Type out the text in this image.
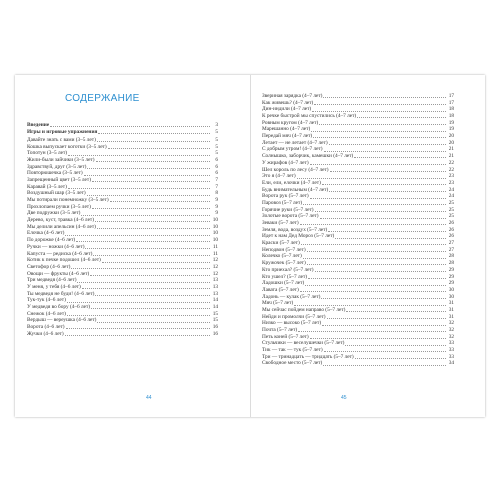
СОДЕРЖАНИЕ
Введение	3
Игры и игровые упражнения	5
Давайте знать с вами (3–5 лет)	5
Кошка выпускает коготки (3–5 лет)	5
Топотун (3–5 лет)	5
Жили-были зайчики (3–5 лет)	6
Здравствуй, друг (3–5 лет)	6
Повторюшечка (3–5 лет)	6
Запрещенный цвет (3–5 лет)	7
Каравай (3–5 лет)	7
Воздушный шар (3–5 лет)	8
Мы потирали понемножку (3–5 лет)	9
Прохлопаем ручки (3–5 лет)	9
Две подружки (3–5 лет)	9
Дерево, куст, травка (4–6 лет)	10
Мы делили апельсин (4–6 лет)	10
Елочка (4–6 лет)	10
По дорожке (4–6 лет)	10
Ручки — ножки (4–6 лет)	11
Капуста — редиска (4–6 лет)	11
Котик к печке подошел (4–6 лет)	12
Светофор (4–6 лет)	12
Овощи — фрукты (4–6 лет)	12
Три медведя (4–6 лет)	13
У меня, у тебя (4–6 лет)	13
Ты медведя не буди! (4–6 лет)	13
Тук-тук (4–6 лет)	14
У медведя во бору (4–6 лет)	14
Снежок (4–6 лет)	15
Вердыш — вереушка (4–6 лет)	15
Ворота (4–6 лет)	16
Жучки (4–6 лет)	16
44
Звериная зарядка (4–7 лет)	17
Как живешь? (4–7 лет)	17
Дин-индили (4–7 лет)	18
К речке быстрой мы спустились (4–7 лет)	18
Ровным кругом (4–7 лет)	19
Марешанно (4–7 лет)	19
Передай мяч (4–7 лет)	20
Летает — не летает (4–7 лет)	20
С добрым утром! (4–7 лет)	21
Солнышко, заборчик, камешки (4–7 лет)	21
У жирафов (4–7 лет)	22
Шел король по лесу (4–7 лет)	22
Это я (4–7 лет)	23
Ели, ели, елочки (4–7 лет)	23
Будь внимательным (4–7 лет)	24
Ворота рук (5–7 лет)	24
Паровоз (5–7 лет)	25
Горячие руки (5–7 лет)	25
Золотые ворота (5–7 лет)	25
Зеваки (5–7 лет)	26
Земля, вода, воздух (5–7 лет)	26
Идет к нам Дед Мороз (5–7 лет)	26
Краски (5–7 лет)	27
Неподвон (5–7 лет)	27
Колечко (5–7 лет)	28
Кружочек (5–7 лет)	28
Кто приехал? (5–7 лет)	29
Кто ушел? (5–7 лет)	29
Ладошки (5–7 лет)	29
Лавата (5–7 лет)	30
Ладонь — кулак (5–7 лет)	30
Мяч (5–7 лет)	31
Мы сейчас пойдем направо (5–7 лет)	31
Нейди и промолчи (5–7 лет)	31
Низко — высоко (5–7 лет)	32
Почта (5–7 лет)	32
Петь коней (5–7 лет)	32
Стульчики — веселушечки (5–7 лет)	33
Тик — так — тук (5–7 лет)	33
Три — тринадцать — тридцать (5–7 лет)	33
Свободное место (5–7 лет)	34
45
